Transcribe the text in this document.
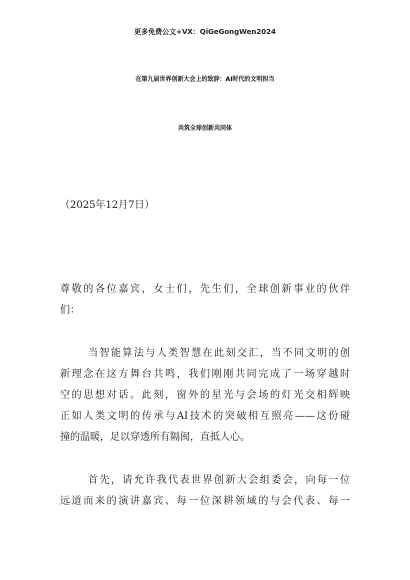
更多免费公文+VX：QiGeGongWen2024
在第九届世界创新大会上的致辞：AI时代的文明担当
共筑全球创新共同体
（2025年12月7日）
尊敬的各位嘉宾，女士们，先生们，全球创新事业的伙伴
们：
当智能算法与人类智慧在此刻交汇，当不同文明的创
新理念在这方舞台共鸣，我们刚刚共同完成了一场穿越时
空的思想对话。此刻，窗外的星光与会场的灯光交相辉映
正如人类文明的传承与AI技术的突破相互照亮——这份碰
撞的温暖，足以穿透所有隔阂，直抵人心。
首先，请允许我代表世界创新大会组委会，向每一位
远道而来的演讲嘉宾、每一位深耕领域的与会代表、每一
